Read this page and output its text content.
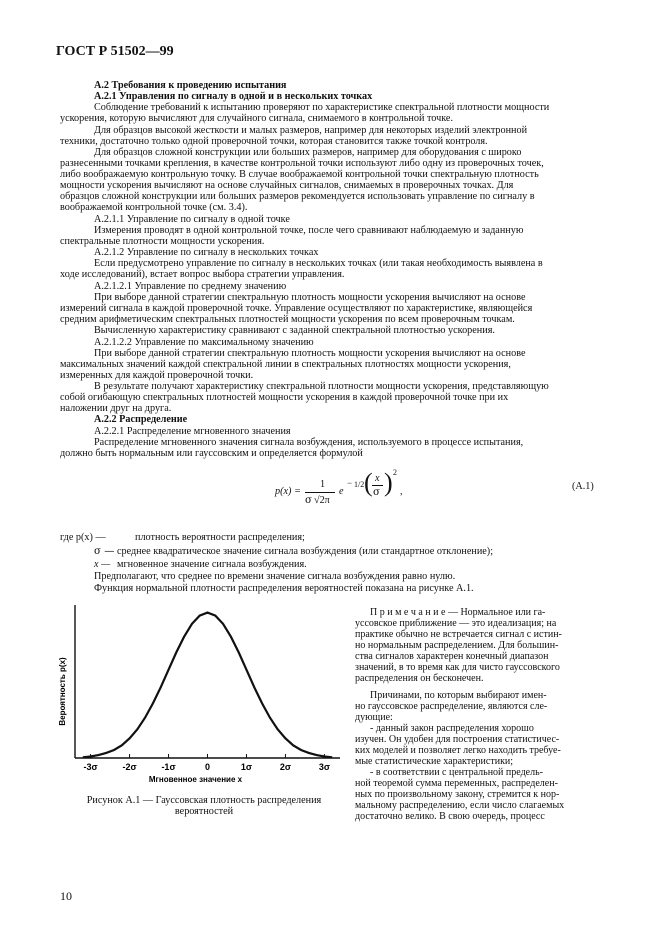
ГОСТ Р 51502—99
А.2 Требования к проведению испытания
А.2.1 Управления по сигналу в одной и в нескольких точках
Соблюдение требований к испытанию проверяют по характеристике спектральной плотности мощности
ускорения, которую вычисляют для случайного сигнала, снимаемого в контрольной точке.
Для образцов высокой жесткости и малых размеров, например для некоторых изделий электронной
техники, достаточно только одной проверочной точки, которая становится также точкой контроля.
Для образцов сложной конструкции или больших размеров, например для оборудования с широко
разнесенными точками крепления, в качестве контрольной точки используют либо одну из проверочных точек,
либо воображаемую контрольную точку. В случае воображаемой контрольной точки спектральную плотность
мощности ускорения вычисляют на основе случайных сигналов, снимаемых в проверочных точках. Для
образцов сложной конструкции или больших размеров рекомендуется использовать управление по сигналу в
воображаемой контрольной точке (см. 3.4).
А.2.1.1 Управление по сигналу в одной точке
Измерения проводят в одной контрольной точке, после чего сравнивают наблюдаемую и заданную
спектральные плотности мощности ускорения.
А.2.1.2 Управление по сигналу в нескольких точках
Если предусмотрено управление по сигналу в нескольких точках (или такая необходимость выявлена в
ходе исследований), встает вопрос выбора стратегии управления.
А.2.1.2.1 Управление по среднему значению
При выборе данной стратегии спектральную плотность мощности ускорения вычисляют на основе
измерений сигнала в каждой проверочной точке. Управление осуществляют по характеристике, являющейся
средним арифметическим спектральных плотностей мощности ускорения по всем проверочным точкам.
Вычисленную характеристику сравнивают с заданной спектральной плотностью ускорения.
А.2.1.2.2 Управление по максимальному значению
При выборе данной стратегии спектральную плотность мощности ускорения вычисляют на основе
максимальных значений каждой спектральной линии в спектральных плотностях мощности ускорения,
измеренных для каждой проверочной точки.
В результате получают характеристику спектральной плотности мощности ускорения, представляющую
собой огибающую спектральных плотностей мощности ускорения в каждой проверочной точке при их
наложении друг на друга.
А.2.2 Распределение
А.2.2.1 Распределение мгновенного значения
Распределение мгновенного значения сигнала возбуждения, используемого в процессе испытания,
должно быть нормальным или гауссовским и определяется формулой
p(x) =
1
σ √2π
e
− 1/2 ( x
σ ) 2
,	(А.1)
где p(x) —	плотность вероятности распределения;
σ — среднее квадратическое значение сигнала возбуждения (или стандартное отклонение);
x — мгновенное значение сигнала возбуждения.
Предполагают, что среднее по времени значение сигнала возбуждения равно нулю.
Функция нормальной плотности распределения вероятностей показана на рисунке А.1.
-3σ	-2σ	-1σ	0	1σ	2σ	3σ
Мгновенное значение x
Вероятность p(x)
Рисунок А.1 — Гауссовская плотность распределения
вероятностей
П р и м е ч а н и е — Нормальное или га-
уссовское приближение — это идеализация; на
практике обычно не встречается сигнал с истин-
но нормальным распределением. Для большин-
ства сигналов характерен конечный диапазон
значений, в то время как для чисто гауссовского
распределения он бесконечен.
Причинами, по которым выбирают имен-
но гауссовское распределение, являются сле-
дующие:
- данный закон распределения хорошо
изучен. Он удобен для построения статистичес-
ких моделей и позволяет легко находить требуе-
мые статистические характеристики;
- в соответствии с центральной предель-
ной теоремой сумма переменных, распределен-
ных по произвольному закону, стремится к нор-
мальному распределению, если число слагаемых
достаточно велико. В свою очередь, процесс
10
